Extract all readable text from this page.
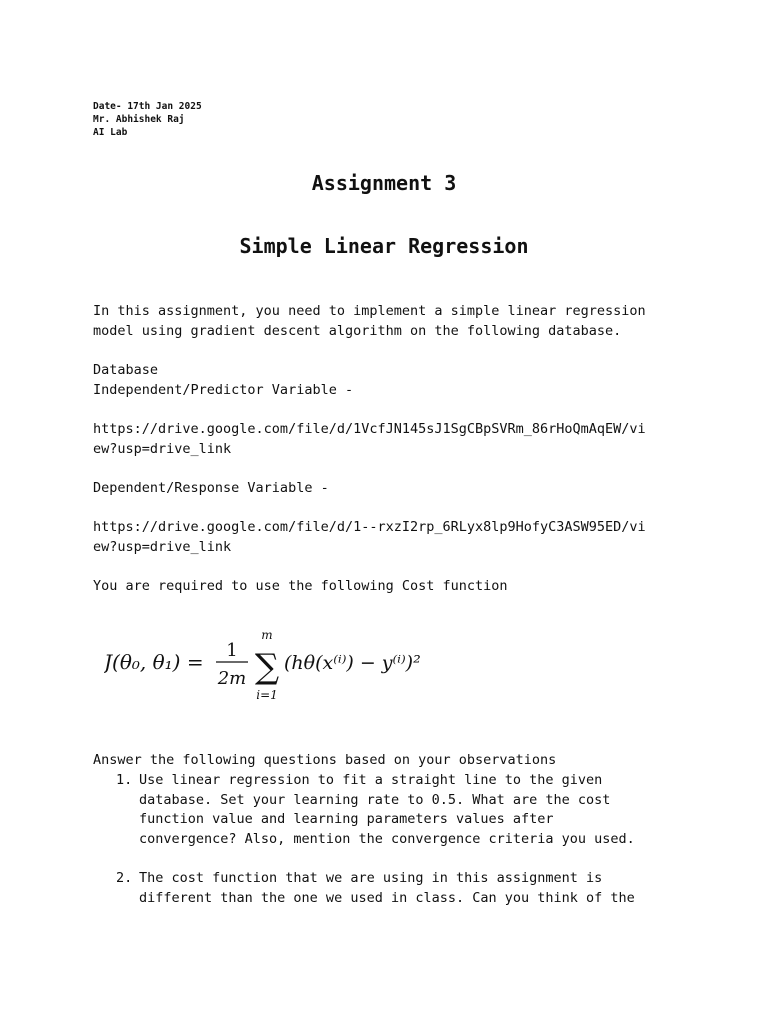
Date- 17th Jan 2025
Mr. Abhishek Raj
AI Lab
Assignment 3
Simple Linear Regression
In this assignment, you need to implement a simple linear regression
model using gradient descent algorithm on the following database.
Database
Independent/Predictor Variable -
https://drive.google.com/file/d/1VcfJN145sJ1SgCBpSVRm_86rHoQmAqEW/vi
ew?usp=drive_link
Dependent/Response Variable -
https://drive.google.com/file/d/1--rxzI2rp_6RLyx8lp9HofyC3ASW95ED/vi
ew?usp=drive_link
You are required to use the following Cost function
J(θ₀, θ₁) = 1
2m
m
∑
i=1
(hθ(x⁽ⁱ⁾) − y⁽ⁱ⁾)²
Answer the following questions based on your observations
1. Use linear regression to fit a straight line to the given
database. Set your learning rate to 0.5. What are the cost
function value and learning parameters values after
convergence? Also, mention the convergence criteria you used.
2. The cost function that we are using in this assignment is
different than the one we used in class. Can you think of the
